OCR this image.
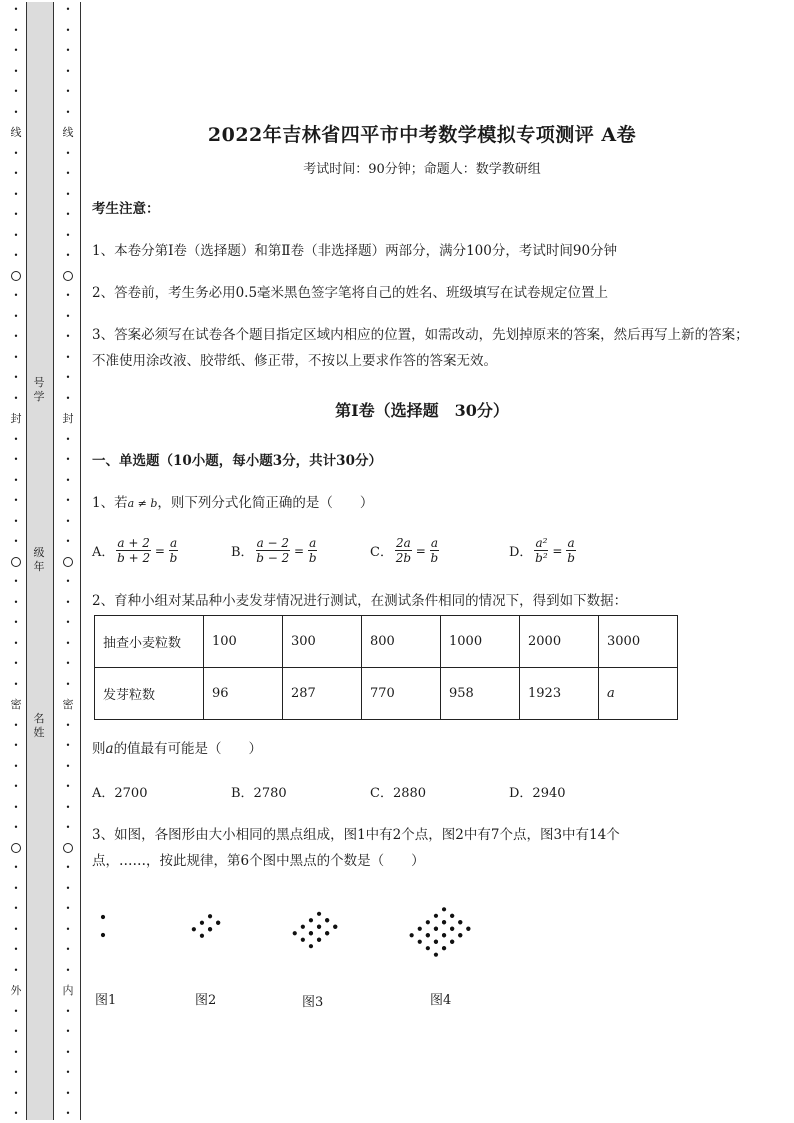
•
•
•
•
•
•
线
•
•
•
•
•
•
•
•
•
•
•
•
封
•
•
•
•
•
•
•
•
•
•
•
•
密
•
•
•
•
•
•
•
•
•
•
•
•
外
•
•
•
•
•
•
•
•
•
•
•
•
线
•
•
•
•
•
•
•
•
•
•
•
•
封
•
•
•
•
•
•
•
•
•
•
•
•
密
•
•
•
•
•
•
•
•
•
•
•
•
内
•
•
•
•
•
•
号
学
级
年
名
姓
2022年吉林省四平市中考数学模拟专项测评 A卷
考试时间：90分钟；命题人：数学教研组
考生注意：
1、本卷分第Ⅰ卷（选择题）和第Ⅱ卷（非选择题）两部分，满分100分，考试时间90分钟
2、答卷前，考生务必用0.5毫米黑色签字笔将自己的姓名、班级填写在试卷规定位置上
3、答案必须写在试卷各个题目指定区域内相应的位置，如需改动，先划掉原来的答案，然后再写上新的答案；不准使用涂改液、胶带纸、修正带，不按以上要求作答的答案无效。
第Ⅰ卷（选择题　30分）
一、单选题（10小题，每小题3分，共计30分）
1、若a ≠ b，则下列分式化简正确的是（　　）
A． $\frac{a + 2}{b + 2} = \frac{a}{b}$	B． $\frac{a - 2}{b - 2} = \frac{a}{b}$	C． $\frac{2a}{2b} = \frac{a}{b}$	D． $\frac{\text{a²}}{\text{b²}} = \frac{a}{b}$
2、育种小组对某品种小麦发芽情况进行测试，在测试条件相同的情况下，得到如下数据：
抽查小麦粒数	100	300	800	1000	2000	3000
发芽粒数	96	287	770	958	1923	a
则a的值最有可能是（　　）
A．2700	B．2780	C．2880	D．2940
3、如图，各图形由大小相同的黑点组成，图1中有2个点，图2中有7个点，图3中有14个
点，……，按此规律，第6个图中黑点的个数是（　　）
图1	图2	图3	图4
